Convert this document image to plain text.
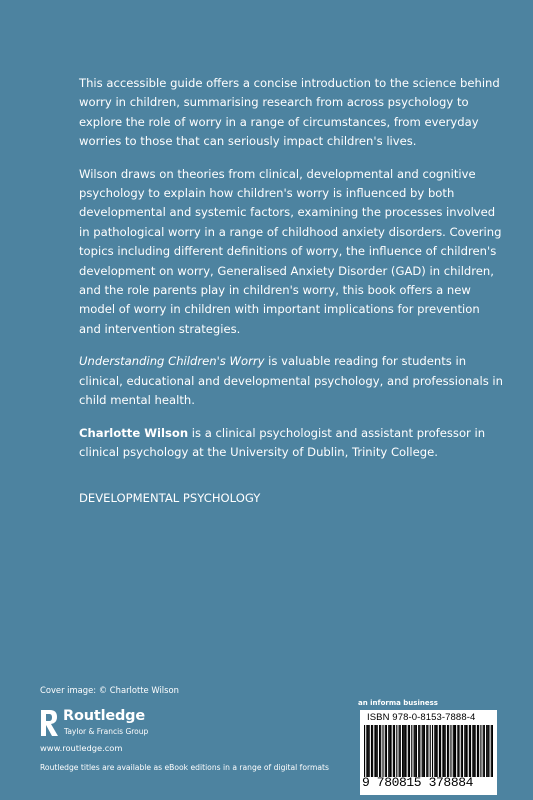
This accessible guide offers a concise introduction to the science behind worry in children, summarising research from across psychology to explore the role of worry in a range of circumstances, from everyday worries to those that can seriously impact children's lives.

Wilson draws on theories from clinical, developmental and cognitive psychology to explain how children's worry is influenced by both developmental and systemic factors, examining the processes involved in pathological worry in a range of childhood anxiety disorders. Covering topics including different definitions of worry, the influence of children's development on worry, Generalised Anxiety Disorder (GAD) in children, and the role parents play in children's worry, this book offers a new model of worry in children with important implications for prevention and intervention strategies.

Understanding Children's Worry is valuable reading for students in clinical, educational and developmental psychology, and professionals in child mental health.

Charlotte Wilson is a clinical psychologist and assistant professor in clinical psychology at the University of Dublin, Trinity College.

DEVELOPMENTAL PSYCHOLOGY

Cover image: © Charlotte Wilson
Routledge
Taylor & Francis Group
www.routledge.com
Routledge titles are available as eBook editions in a range of digital formats
an informa business
ISBN 978-0-8153-7888-4
9 780815 378884
